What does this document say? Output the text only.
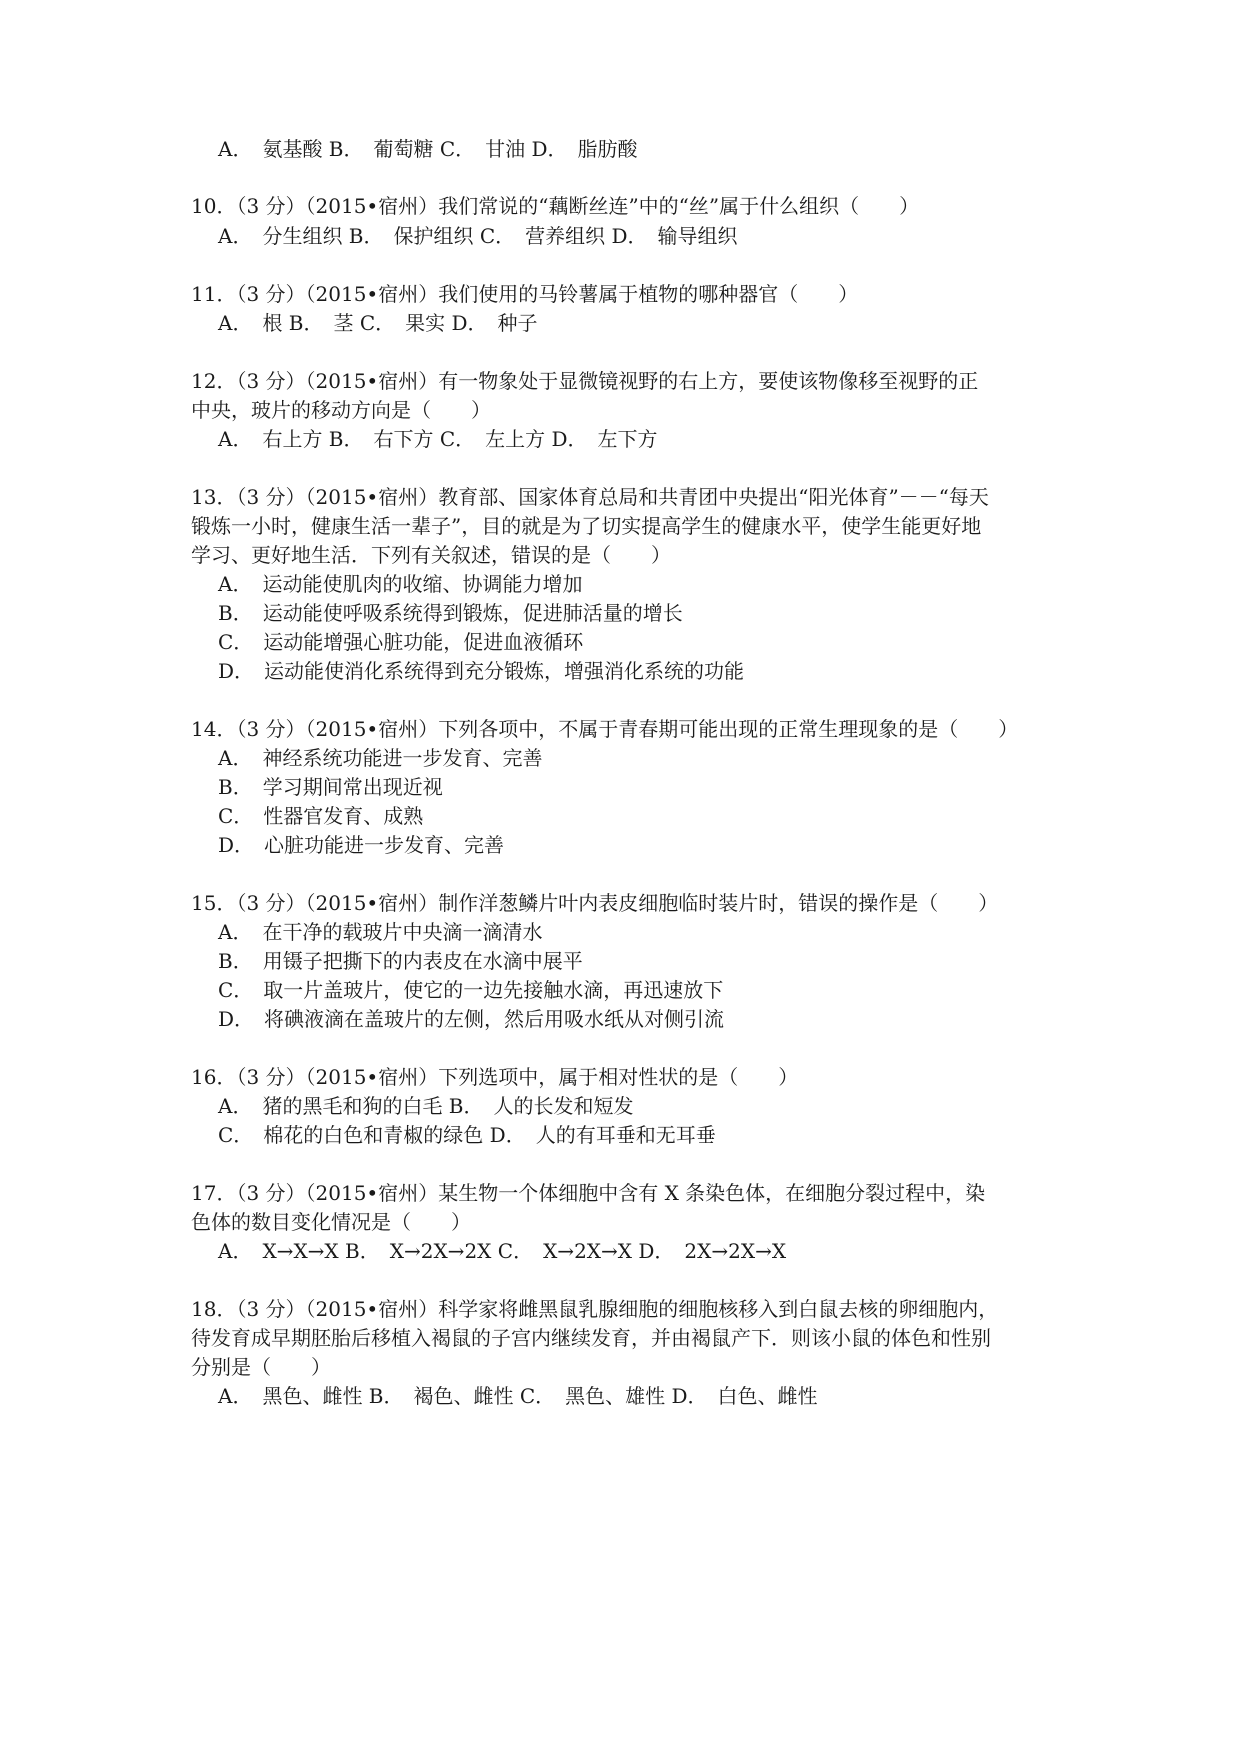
A．　氨基酸 B．　葡萄糖 C．　甘油 D．　脂肪酸
10．（3 分）（2015•宿州）我们常说的“藕断丝连”中的“丝”属于什么组织（　　）
A．　分生组织 B．　保护组织 C．　营养组织 D．　输导组织
11．（3 分）（2015•宿州）我们使用的马铃薯属于植物的哪种器官（　　）
A．　根 B．　茎 C．　果实 D．　种子
12．（3 分）（2015•宿州）有一物象处于显微镜视野的右上方，要使该物像移至视野的正
中央，玻片的移动方向是（　　）
A．　右上方 B．　右下方 C．　左上方 D．　左下方
13．（3 分）（2015•宿州）教育部、国家体育总局和共青团中央提出“阳光体育”－－“每天
锻炼一小时，健康生活一辈子”，目的就是为了切实提高学生的健康水平，使学生能更好地
学习、更好地生活．下列有关叙述，错误的是（　　）
A．　运动能使肌肉的收缩、协调能力增加
B．　运动能使呼吸系统得到锻炼，促进肺活量的增长
C．　运动能增强心脏功能，促进血液循环
D．　运动能使消化系统得到充分锻炼，增强消化系统的功能
14．（3 分）（2015•宿州）下列各项中，不属于青春期可能出现的正常生理现象的是（　　）
A．　神经系统功能进一步发育、完善
B．　学习期间常出现近视
C．　性器官发育、成熟
D．　心脏功能进一步发育、完善
15．（3 分）（2015•宿州）制作洋葱鳞片叶内表皮细胞临时装片时，错误的操作是（　　）
A．　在干净的载玻片中央滴一滴清水
B．　用镊子把撕下的内表皮在水滴中展平
C．　取一片盖玻片，使它的一边先接触水滴，再迅速放下
D．　将碘液滴在盖玻片的左侧，然后用吸水纸从对侧引流
16．（3 分）（2015•宿州）下列选项中，属于相对性状的是（　　）
A．　猪的黑毛和狗的白毛 B．　人的长发和短发
C．　棉花的白色和青椒的绿色 D．　人的有耳垂和无耳垂
17．（3 分）（2015•宿州）某生物一个体细胞中含有 X 条染色体，在细胞分裂过程中，染
色体的数目变化情况是（　　）
A．　X→X→X B．　X→2X→2X C．　X→2X→X D．　2X→2X→X
18．（3 分）（2015•宿州）科学家将雌黑鼠乳腺细胞的细胞核移入到白鼠去核的卵细胞内，
待发育成早期胚胎后移植入褐鼠的子宫内继续发育，并由褐鼠产下．则该小鼠的体色和性别
分别是（　　）
A．　黑色、雌性 B．　褐色、雌性 C．　黑色、雄性 D．　白色、雌性
